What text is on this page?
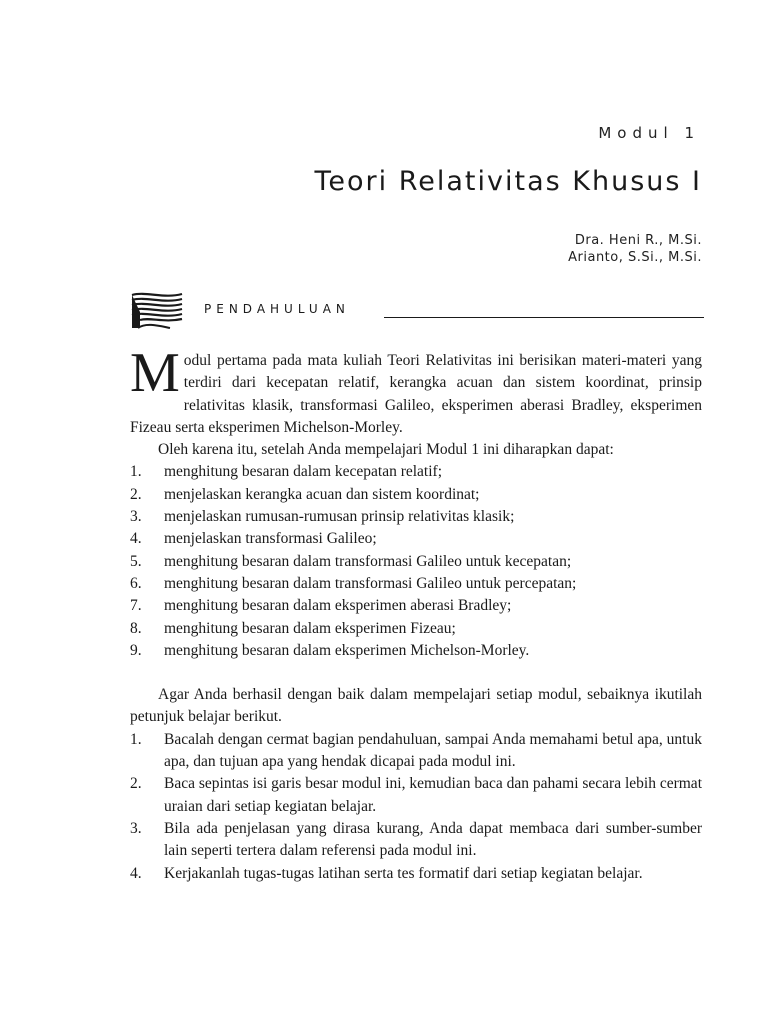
Modul 1
Teori Relativitas Khusus I
Dra. Heni R., M.Si.
Arianto, S.Si., M.Si.
PENDAHULUAN
M odul pertama pada mata kuliah Teori Relativitas ini berisikan materi-materi yang terdiri dari kecepatan relatif, kerangka acuan dan sistem koordinat, prinsip relativitas klasik, transformasi Galileo, eksperimen aberasi Bradley, eksperimen Fizeau serta eksperimen Michelson-Morley.

Oleh karena itu, setelah Anda mempelajari Modul 1 ini diharapkan dapat:

1. menghitung besaran dalam kecepatan relatif;
2. menjelaskan kerangka acuan dan sistem koordinat;
3. menjelaskan rumusan-rumusan prinsip relativitas klasik;
4. menjelaskan transformasi Galileo;
5. menghitung besaran dalam transformasi Galileo untuk kecepatan;
6. menghitung besaran dalam transformasi Galileo untuk percepatan;
7. menghitung besaran dalam eksperimen aberasi Bradley;
8. menghitung besaran dalam eksperimen Fizeau;
9. menghitung besaran dalam eksperimen Michelson-Morley.

Agar Anda berhasil dengan baik dalam mempelajari setiap modul, sebaiknya ikutilah petunjuk belajar berikut.

1. Bacalah dengan cermat bagian pendahuluan, sampai Anda memahami betul apa, untuk apa, dan tujuan apa yang hendak dicapai pada modul ini.
2. Baca sepintas isi garis besar modul ini, kemudian baca dan pahami secara lebih cermat uraian dari setiap kegiatan belajar.
3. Bila ada penjelasan yang dirasa kurang, Anda dapat membaca dari sumber-sumber lain seperti tertera dalam referensi pada modul ini.
4. Kerjakanlah tugas-tugas latihan serta tes formatif dari setiap kegiatan belajar.
